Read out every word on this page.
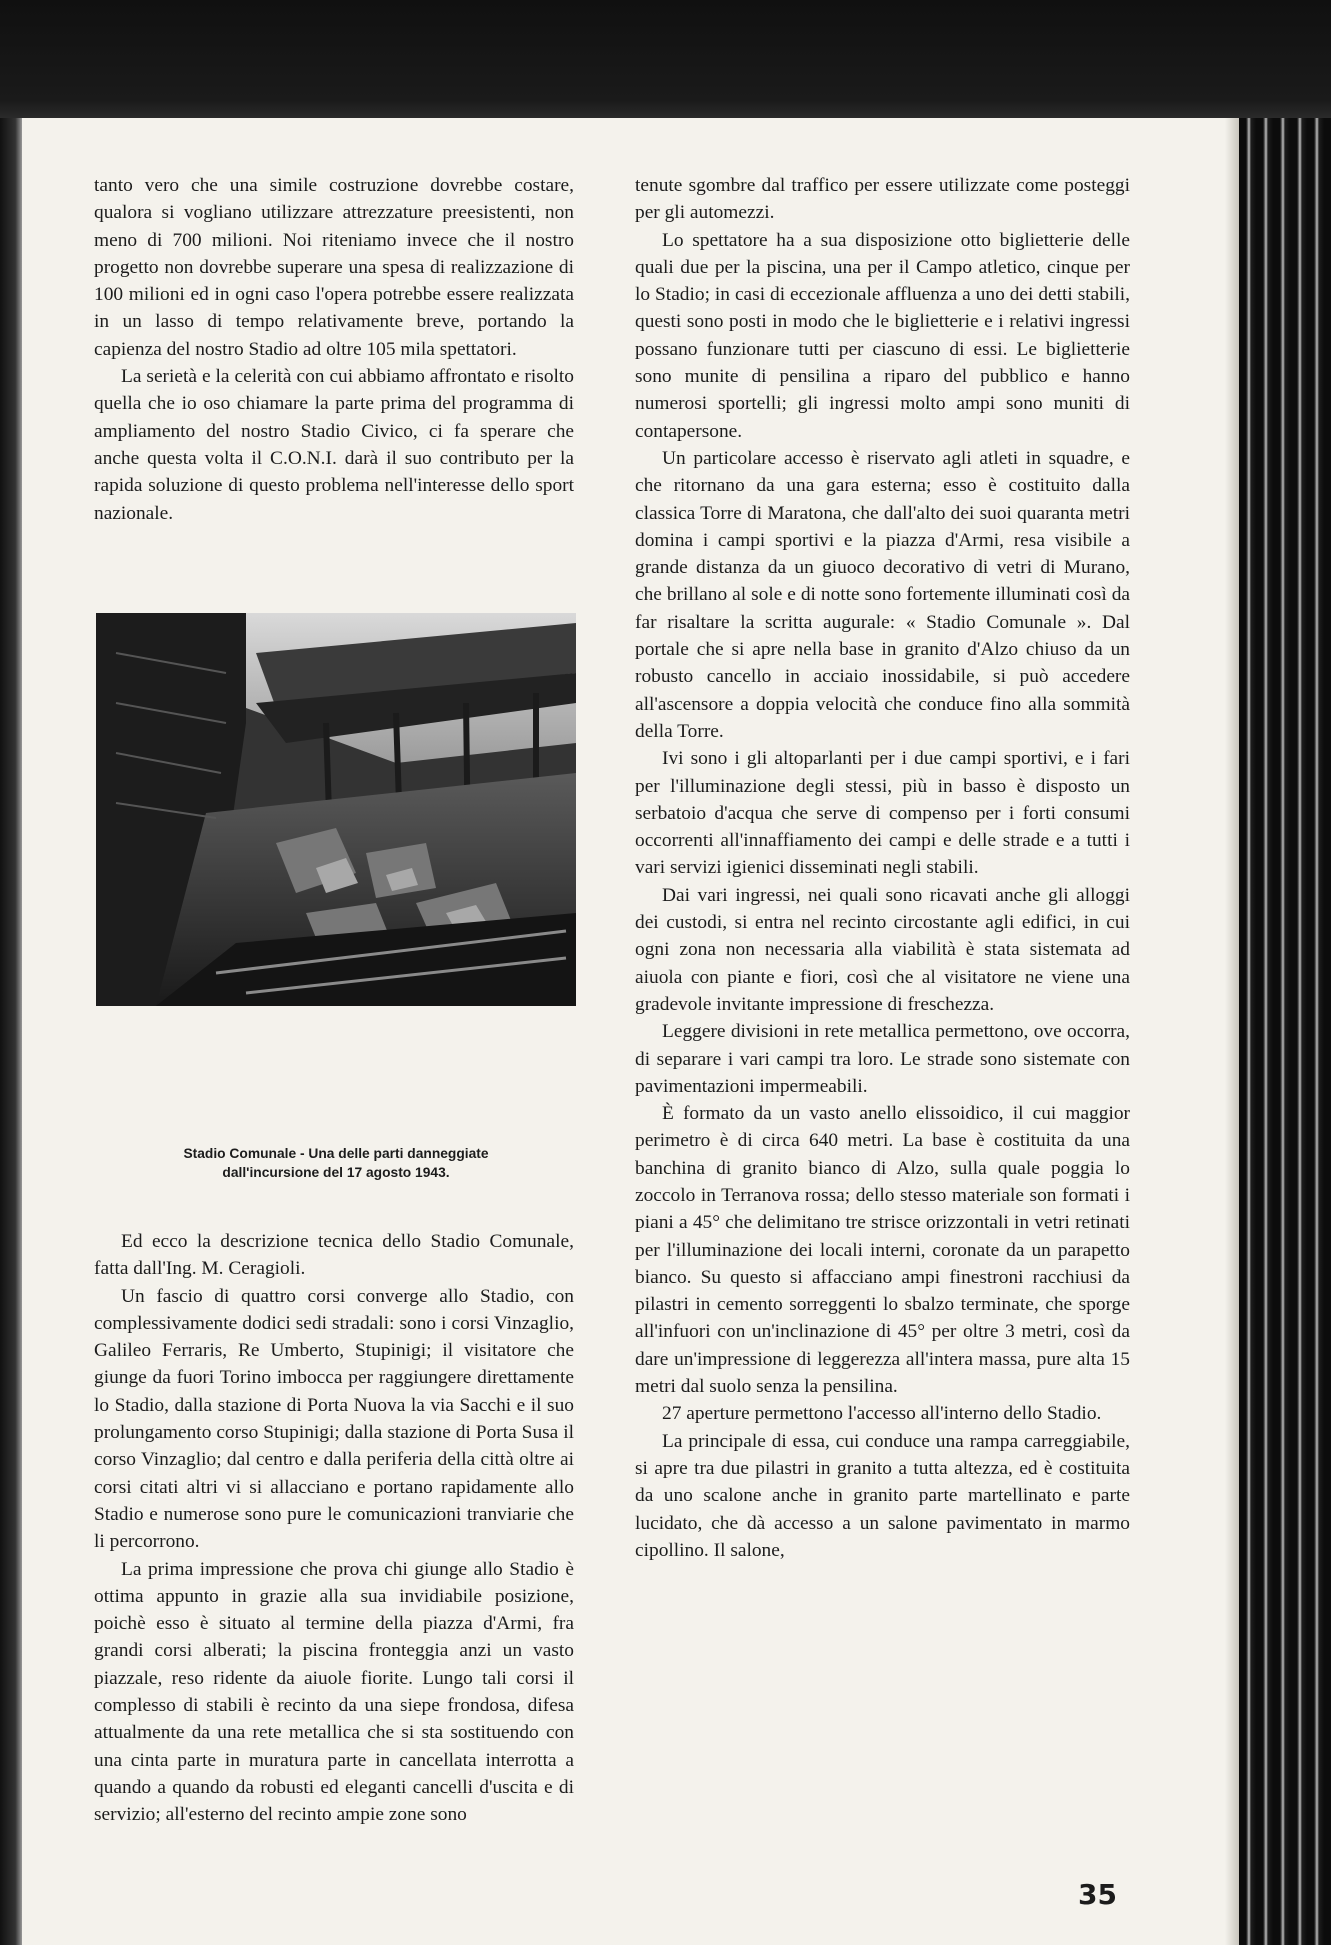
tanto vero che una simile costruzione dovrebbe costare, qualora si vogliano utilizzare attrezzature preesistenti, non meno di 700 milioni. Noi riteniamo invece che il nostro progetto non dovrebbe superare una spesa di realizzazione di 100 milioni ed in ogni caso l'opera potrebbe essere realizzata in un lasso di tempo relativamente breve, portando la capienza del nostro Stadio ad oltre 105 mila spettatori.

La serietà e la celerità con cui abbiamo affrontato e risolto quella che io oso chiamare la parte prima del programma di ampliamento del nostro Stadio Civico, ci fa sperare che anche questa volta il C.O.N.I. darà il suo contributo per la rapida soluzione di questo problema nell'interesse dello sport nazionale.

Stadio Comunale - Una delle parti danneggiate
dall'incursione del 17 agosto 1943.

Ed ecco la descrizione tecnica dello Stadio Comunale, fatta dall'Ing. M. Ceragioli.

Un fascio di quattro corsi converge allo Stadio, con complessivamente dodici sedi stradali: sono i corsi Vinzaglio, Galileo Ferraris, Re Umberto, Stupinigi; il visitatore che giunge da fuori Torino imbocca per raggiungere direttamente lo Stadio, dalla stazione di Porta Nuova la via Sacchi e il suo prolungamento corso Stupinigi; dalla stazione di Porta Susa il corso Vinzaglio; dal centro e dalla periferia della città oltre ai corsi citati altri vi si allacciano e portano rapidamente allo Stadio e numerose sono pure le comunicazioni tranviarie che li percorrono.

La prima impressione che prova chi giunge allo Stadio è ottima appunto in grazie alla sua invidiabile posizione, poichè esso è situato al termine della piazza d'Armi, fra grandi corsi alberati; la piscina fronteggia anzi un vasto piazzale, reso ridente da aiuole fiorite. Lungo tali corsi il complesso di stabili è recinto da una siepe frondosa, difesa attualmente da una rete metallica che si sta sostituendo con una cinta parte in muratura parte in cancellata interrotta a quando a quando da robusti ed eleganti cancelli d'uscita e di servizio; all'esterno del recinto ampie zone sono

tenute sgombre dal traffico per essere utilizzate come posteggi per gli automezzi.

Lo spettatore ha a sua disposizione otto biglietterie delle quali due per la piscina, una per il Campo atletico, cinque per lo Stadio; in casi di eccezionale affluenza a uno dei detti stabili, questi sono posti in modo che le biglietterie e i relativi ingressi possano funzionare tutti per ciascuno di essi. Le biglietterie sono munite di pensilina a riparo del pubblico e hanno numerosi sportelli; gli ingressi molto ampi sono muniti di contapersone.

Un particolare accesso è riservato agli atleti in squadre, e che ritornano da una gara esterna; esso è costituito dalla classica Torre di Maratona, che dall'alto dei suoi quaranta metri domina i campi sportivi e la piazza d'Armi, resa visibile a grande distanza da un giuoco decorativo di vetri di Murano, che brillano al sole e di notte sono fortemente illuminati così da far risaltare la scritta augurale: « Stadio Comunale ». Dal portale che si apre nella base in granito d'Alzo chiuso da un robusto cancello in acciaio inossidabile, si può accedere all'ascensore a doppia velocità che conduce fino alla sommità della Torre.

Ivi sono i gli altoparlanti per i due campi sportivi, e i fari per l'illuminazione degli stessi, più in basso è disposto un serbatoio d'acqua che serve di compenso per i forti consumi occorrenti all'innaffiamento dei campi e delle strade e a tutti i vari servizi igienici disseminati negli stabili.

Dai vari ingressi, nei quali sono ricavati anche gli alloggi dei custodi, si entra nel recinto circostante agli edifici, in cui ogni zona non necessaria alla viabilità è stata sistemata ad aiuola con piante e fiori, così che al visitatore ne viene una gradevole invitante impressione di freschezza.

Leggere divisioni in rete metallica permettono, ove occorra, di separare i vari campi tra loro. Le strade sono sistemate con pavimentazioni impermeabili.

È formato da un vasto anello elissoidico, il cui maggior perimetro è di circa 640 metri. La base è costituita da una banchina di granito bianco di Alzo, sulla quale poggia lo zoccolo in Terranova rossa; dello stesso materiale son formati i piani a 45° che delimitano tre strisce orizzontali in vetri retinati per l'illuminazione dei locali interni, coronate da un parapetto bianco. Su questo si affacciano ampi finestroni racchiusi da pilastri in cemento sorreggenti lo sbalzo terminate, che sporge all'infuori con un'inclinazione di 45° per oltre 3 metri, così da dare un'impressione di leggerezza all'intera massa, pure alta 15 metri dal suolo senza la pensilina.

27 aperture permettono l'accesso all'interno dello Stadio.

La principale di essa, cui conduce una rampa carreggiabile, si apre tra due pilastri in granito a tutta altezza, ed è costituita da uno scalone anche in granito parte martellinato e parte lucidato, che dà accesso a un salone pavimentato in marmo cipollino. Il salone,

35
